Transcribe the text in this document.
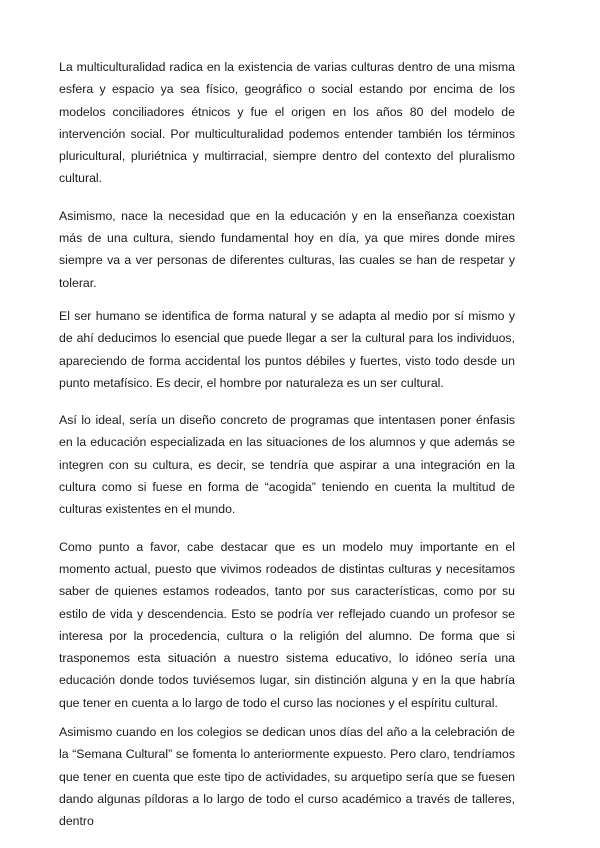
La multiculturalidad radica en la existencia de varias culturas dentro de una misma esfera y espacio ya sea físico, geográfico o social estando por encima de los modelos conciliadores étnicos y fue el origen en los años 80 del modelo de intervención social. Por multiculturalidad podemos entender también los términos pluricultural, pluriétnica y multirracial, siempre dentro del contexto del pluralismo cultural.

Asimismo, nace la necesidad que en la educación y en la enseñanza coexistan más de una cultura, siendo fundamental hoy en día, ya que mires donde mires siempre va a ver personas de diferentes culturas, las cuales se han de respetar y tolerar.

El ser humano se identifica de forma natural y se adapta al medio por sí mismo y de ahí deducimos lo esencial que puede llegar a ser la cultural para los individuos, apareciendo de forma accidental los puntos débiles y fuertes, visto todo desde un punto metafísico. Es decir, el hombre por naturaleza es un ser cultural.

Así lo ideal, sería un diseño concreto de programas que intentasen poner énfasis en la educación especializada en las situaciones de los alumnos y que además se integren con su cultura, es decir, se tendría que aspirar a una integración en la cultura como si fuese en forma de “acogida” teniendo en cuenta la multitud de culturas existentes en el mundo.

Como punto a favor, cabe destacar que es un modelo muy importante en el momento actual, puesto que vivimos rodeados de distintas culturas y necesitamos saber de quienes estamos rodeados, tanto por sus características, como por su estilo de vida y descendencia. Esto se podría ver reflejado cuando un profesor se interesa por la procedencia, cultura o la religión del alumno. De forma que si trasponemos esta situación a nuestro sistema educativo, lo idóneo sería una educación donde todos tuviésemos lugar, sin distinción alguna y en la que habría que tener en cuenta a lo largo de todo el curso las nociones y el espíritu cultural.

Asimismo cuando en los colegios se dedican unos días del año a la celebración de la “Semana Cultural” se fomenta lo anteriormente expuesto. Pero claro, tendríamos que tener en cuenta que este tipo de actividades, su arquetipo sería que se fuesen dando algunas píldoras a lo largo de todo el curso académico a través de talleres, dentro
